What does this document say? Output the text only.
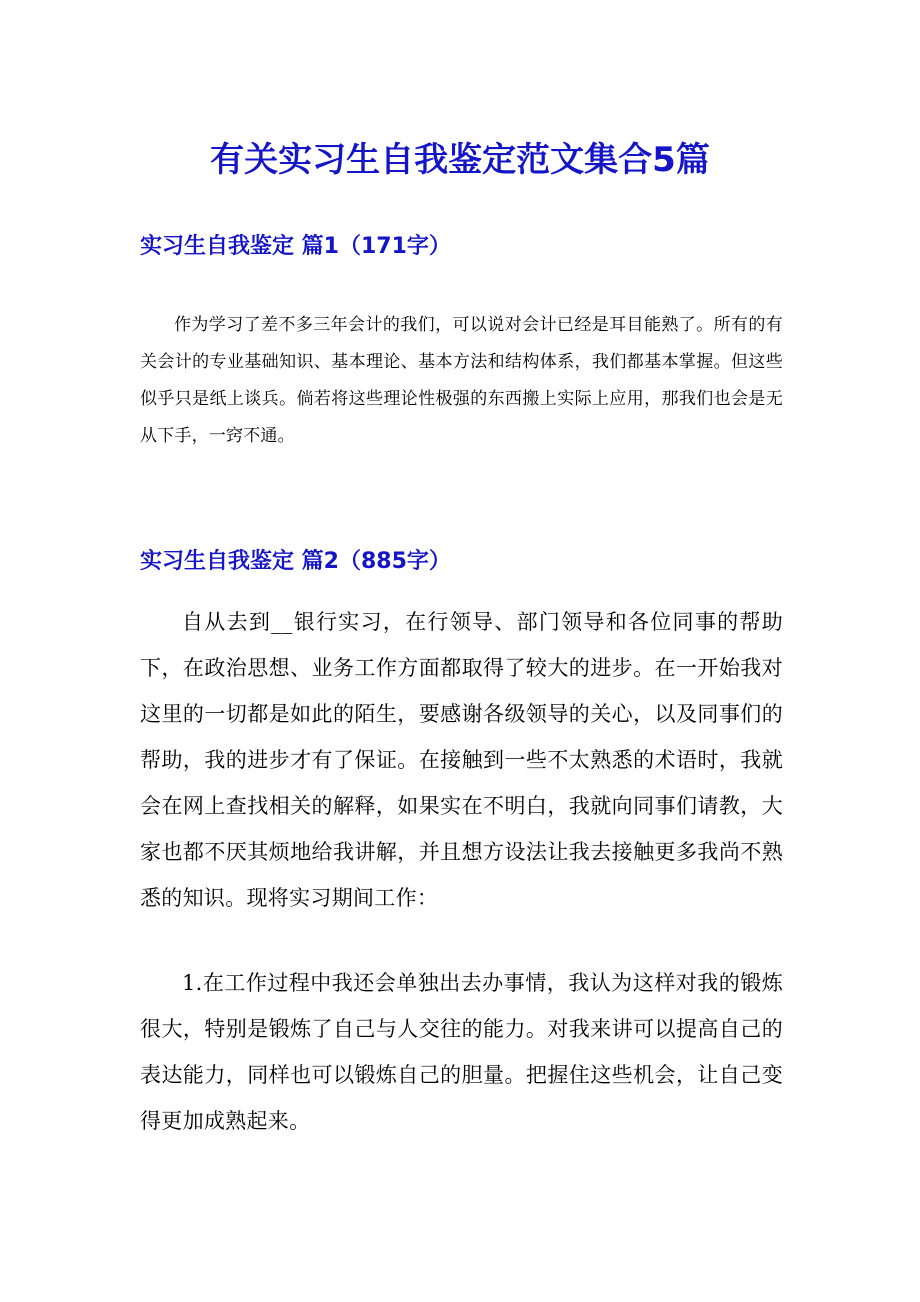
有关实习生自我鉴定范文集合5篇
实习生自我鉴定 篇1（171字）

作为学习了差不多三年会计的我们，可以说对会计已经是耳目能熟了。所有的有关会计的专业基础知识、基本理论、基本方法和结构体系，我们都基本掌握。但这些似乎只是纸上谈兵。倘若将这些理论性极强的东西搬上实际上应用，那我们也会是无从下手，一窍不通。

实习生自我鉴定 篇2（885字）

自从去到__银行实习，在行领导、部门领导和各位同事的帮助下，在政治思想、业务工作方面都取得了较大的进步。在一开始我对这里的一切都是如此的陌生，要感谢各级领导的关心，以及同事们的帮助，我的进步才有了保证。在接触到一些不太熟悉的术语时，我就会在网上查找相关的解释，如果实在不明白，我就向同事们请教，大家也都不厌其烦地给我讲解，并且想方设法让我去接触更多我尚不熟悉的知识。现将实习期间工作：

1.在工作过程中我还会单独出去办事情，我认为这样对我的锻炼很大，特别是锻炼了自己与人交往的能力。对我来讲可以提高自己的表达能力，同样也可以锻炼自己的胆量。把握住这些机会，让自己变得更加成熟起来。
